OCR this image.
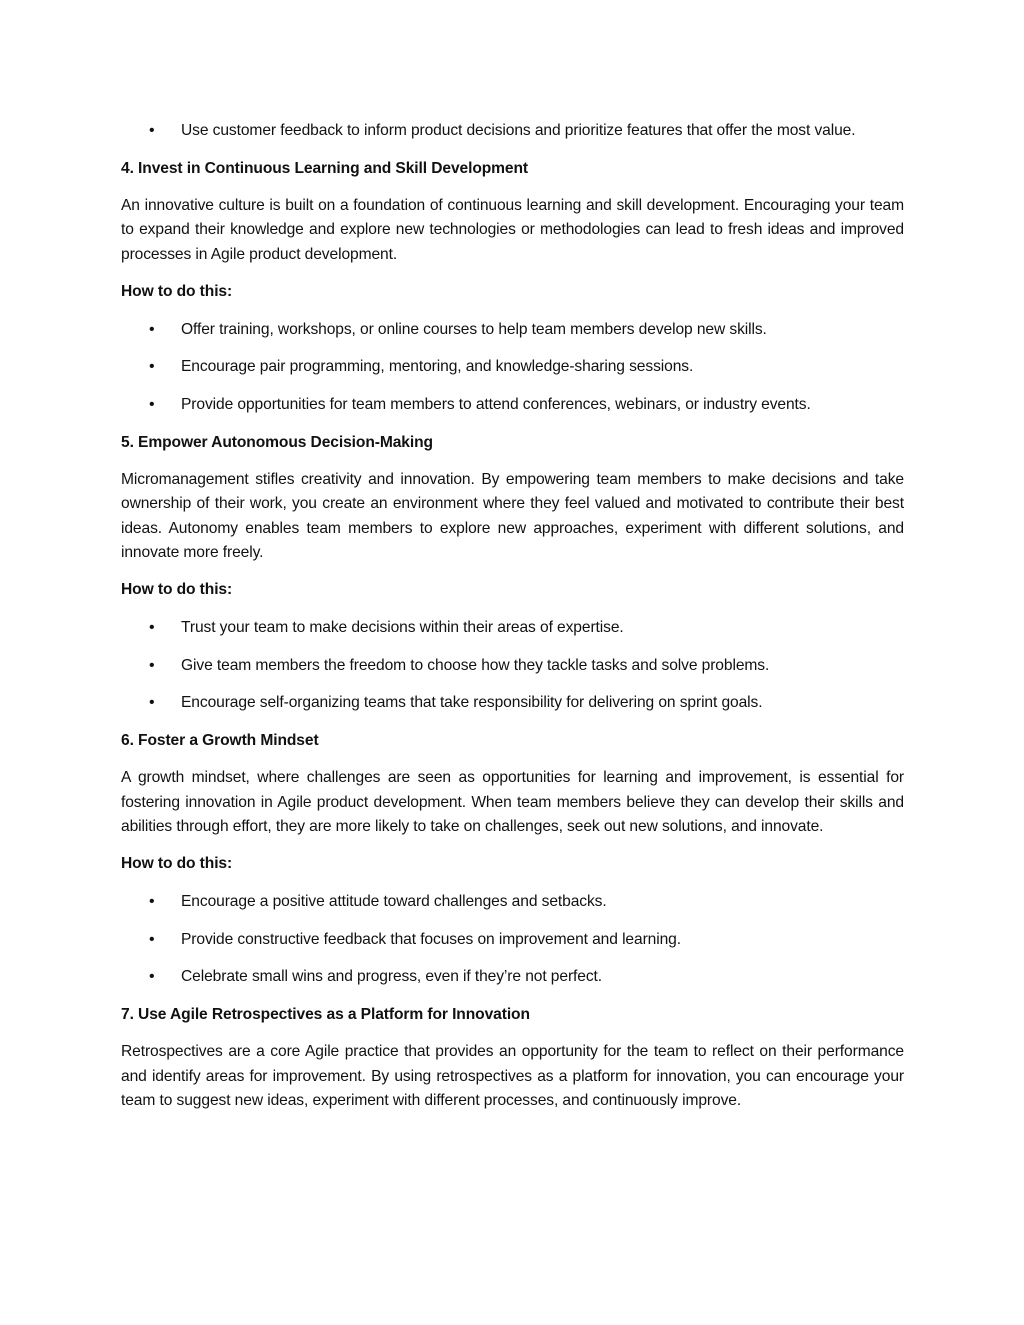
• Use customer feedback to inform product decisions and prioritize features that offer the most value.
4. Invest in Continuous Learning and Skill Development

An innovative culture is built on a foundation of continuous learning and skill development. Encouraging your team to expand their knowledge and explore new technologies or methodologies can lead to fresh ideas and improved processes in Agile product development.

How to do this:
• Offer training, workshops, or online courses to help team members develop new skills.
• Encourage pair programming, mentoring, and knowledge-sharing sessions.
• Provide opportunities for team members to attend conferences, webinars, or industry events.
5. Empower Autonomous Decision-Making

Micromanagement stifles creativity and innovation. By empowering team members to make decisions and take ownership of their work, you create an environment where they feel valued and motivated to contribute their best ideas. Autonomy enables team members to explore new approaches, experiment with different solutions, and innovate more freely.

How to do this:
• Trust your team to make decisions within their areas of expertise.
• Give team members the freedom to choose how they tackle tasks and solve problems.
• Encourage self-organizing teams that take responsibility for delivering on sprint goals.
6. Foster a Growth Mindset

A growth mindset, where challenges are seen as opportunities for learning and improvement, is essential for fostering innovation in Agile product development. When team members believe they can develop their skills and abilities through effort, they are more likely to take on challenges, seek out new solutions, and innovate.

How to do this:
• Encourage a positive attitude toward challenges and setbacks.
• Provide constructive feedback that focuses on improvement and learning.
• Celebrate small wins and progress, even if they’re not perfect.
7. Use Agile Retrospectives as a Platform for Innovation

Retrospectives are a core Agile practice that provides an opportunity for the team to reflect on their performance and identify areas for improvement. By using retrospectives as a platform for innovation, you can encourage your team to suggest new ideas, experiment with different processes, and continuously improve.
